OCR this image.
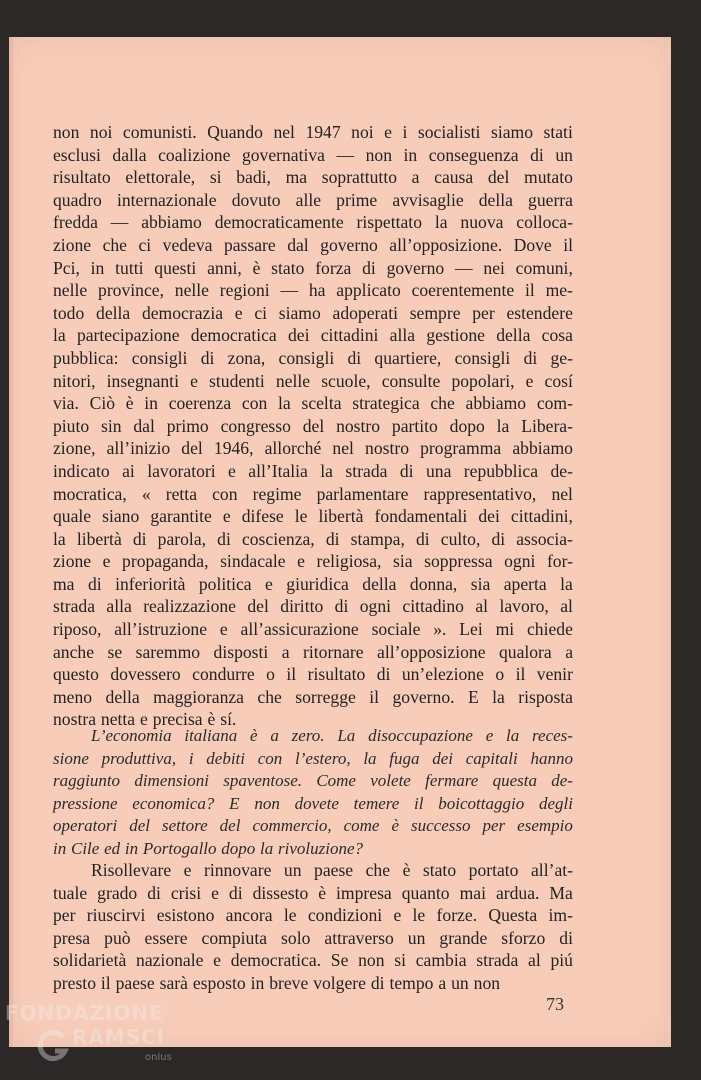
non noi comunisti. Quando nel 1947 noi e i socialisti siamo stati
esclusi dalla coalizione governativa — non in conseguenza di un
risultato elettorale, si badi, ma soprattutto a causa del mutato
quadro internazionale dovuto alle prime avvisaglie della guerra
fredda — abbiamo democraticamente rispettato la nuova colloca-
zione che ci vedeva passare dal governo all’opposizione. Dove il
Pci, in tutti questi anni, è stato forza di governo — nei comuni,
nelle province, nelle regioni — ha applicato coerentemente il me-
todo della democrazia e ci siamo adoperati sempre per estendere
la partecipazione democratica dei cittadini alla gestione della cosa
pubblica: consigli di zona, consigli di quartiere, consigli di ge-
nitori, insegnanti e studenti nelle scuole, consulte popolari, e cosí
via. Ciò è in coerenza con la scelta strategica che abbiamo com-
piuto sin dal primo congresso del nostro partito dopo la Libera-
zione, all’inizio del 1946, allorché nel nostro programma abbiamo
indicato ai lavoratori e all’Italia la strada di una repubblica de-
mocratica, « retta con regime parlamentare rappresentativo, nel
quale siano garantite e difese le libertà fondamentali dei cittadini,
la libertà di parola, di coscienza, di stampa, di culto, di associa-
zione e propaganda, sindacale e religiosa, sia soppressa ogni for-
ma di inferiorità politica e giuridica della donna, sia aperta la
strada alla realizzazione del diritto di ogni cittadino al lavoro, al
riposo, all’istruzione e all’assicurazione sociale ». Lei mi chiede
anche se saremmo disposti a ritornare all’opposizione qualora a
questo dovessero condurre o il risultato di un’elezione o il venir
meno della maggioranza che sorregge il governo. E la risposta
nostra netta e precisa è sí.
L’economia italiana è a zero. La disoccupazione e la reces-
sione produttiva, i debiti con l’estero, la fuga dei capitali hanno
raggiunto dimensioni spaventose. Come volete fermare questa de-
pressione economica? E non dovete temere il boicottaggio degli
operatori del settore del commercio, come è successo per esempio
in Cile ed in Portogallo dopo la rivoluzione?
Risollevare e rinnovare un paese che è stato portato all’at-
tuale grado di crisi e di dissesto è impresa quanto mai ardua. Ma
per riuscirvi esistono ancora le condizioni e le forze. Questa im-
presa può essere compiuta solo attraverso un grande sforzo di
solidarietà nazionale e democratica. Se non si cambia strada al piú
presto il paese sarà esposto in breve volgere di tempo a un non
73
FONDAZIONE
RAMSCI
onlus
